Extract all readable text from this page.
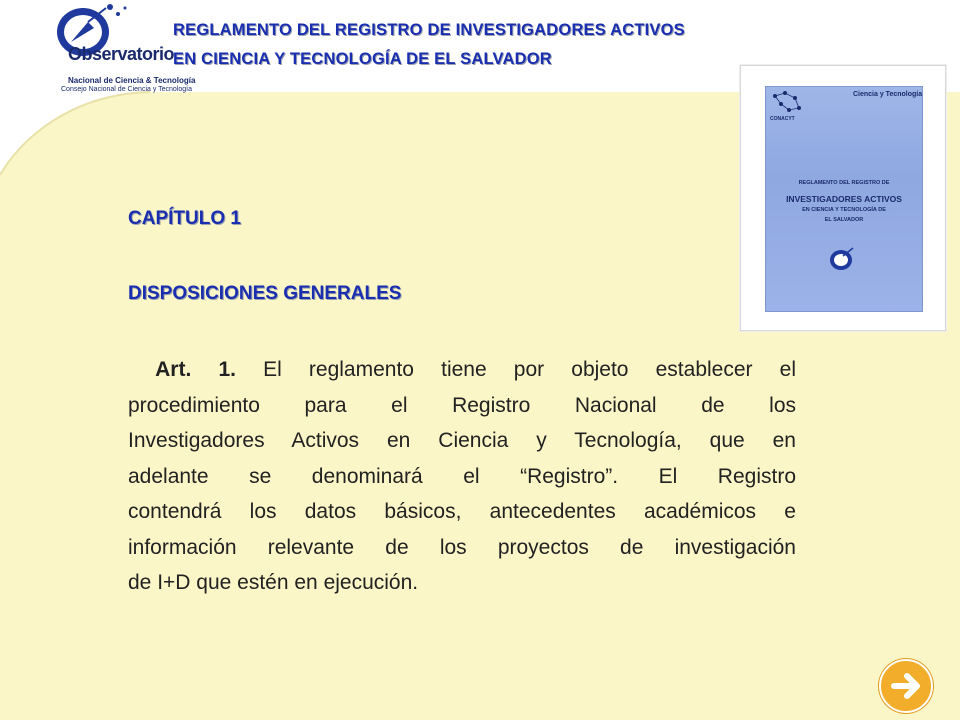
Observatorio
Nacional de Ciencia & Tecnología
Consejo Nacional de Ciencia y Tecnología
REGLAMENTO DEL REGISTRO DE INVESTIGADORES ACTIVOS
EN CIENCIA Y TECNOLOGÍA DE EL SALVADOR
CONACYT
Ciencia y Tecnología
REGLAMENTO DEL REGISTRO DE
INVESTIGADORES ACTIVOS
EN CIENCIA Y TECNOLOGÍA DE
EL SALVADOR
CAPÍTULO 1
DISPOSICIONES GENERALES
Art. 1. El reglamento tiene por objeto establecer el
procedimiento para el Registro Nacional de los
Investigadores Activos en Ciencia y Tecnología, que en
adelante se denominará el “Registro”. El Registro
contendrá los datos básicos, antecedentes académicos e
información relevante de los proyectos de investigación
de I+D que estén en ejecución.
